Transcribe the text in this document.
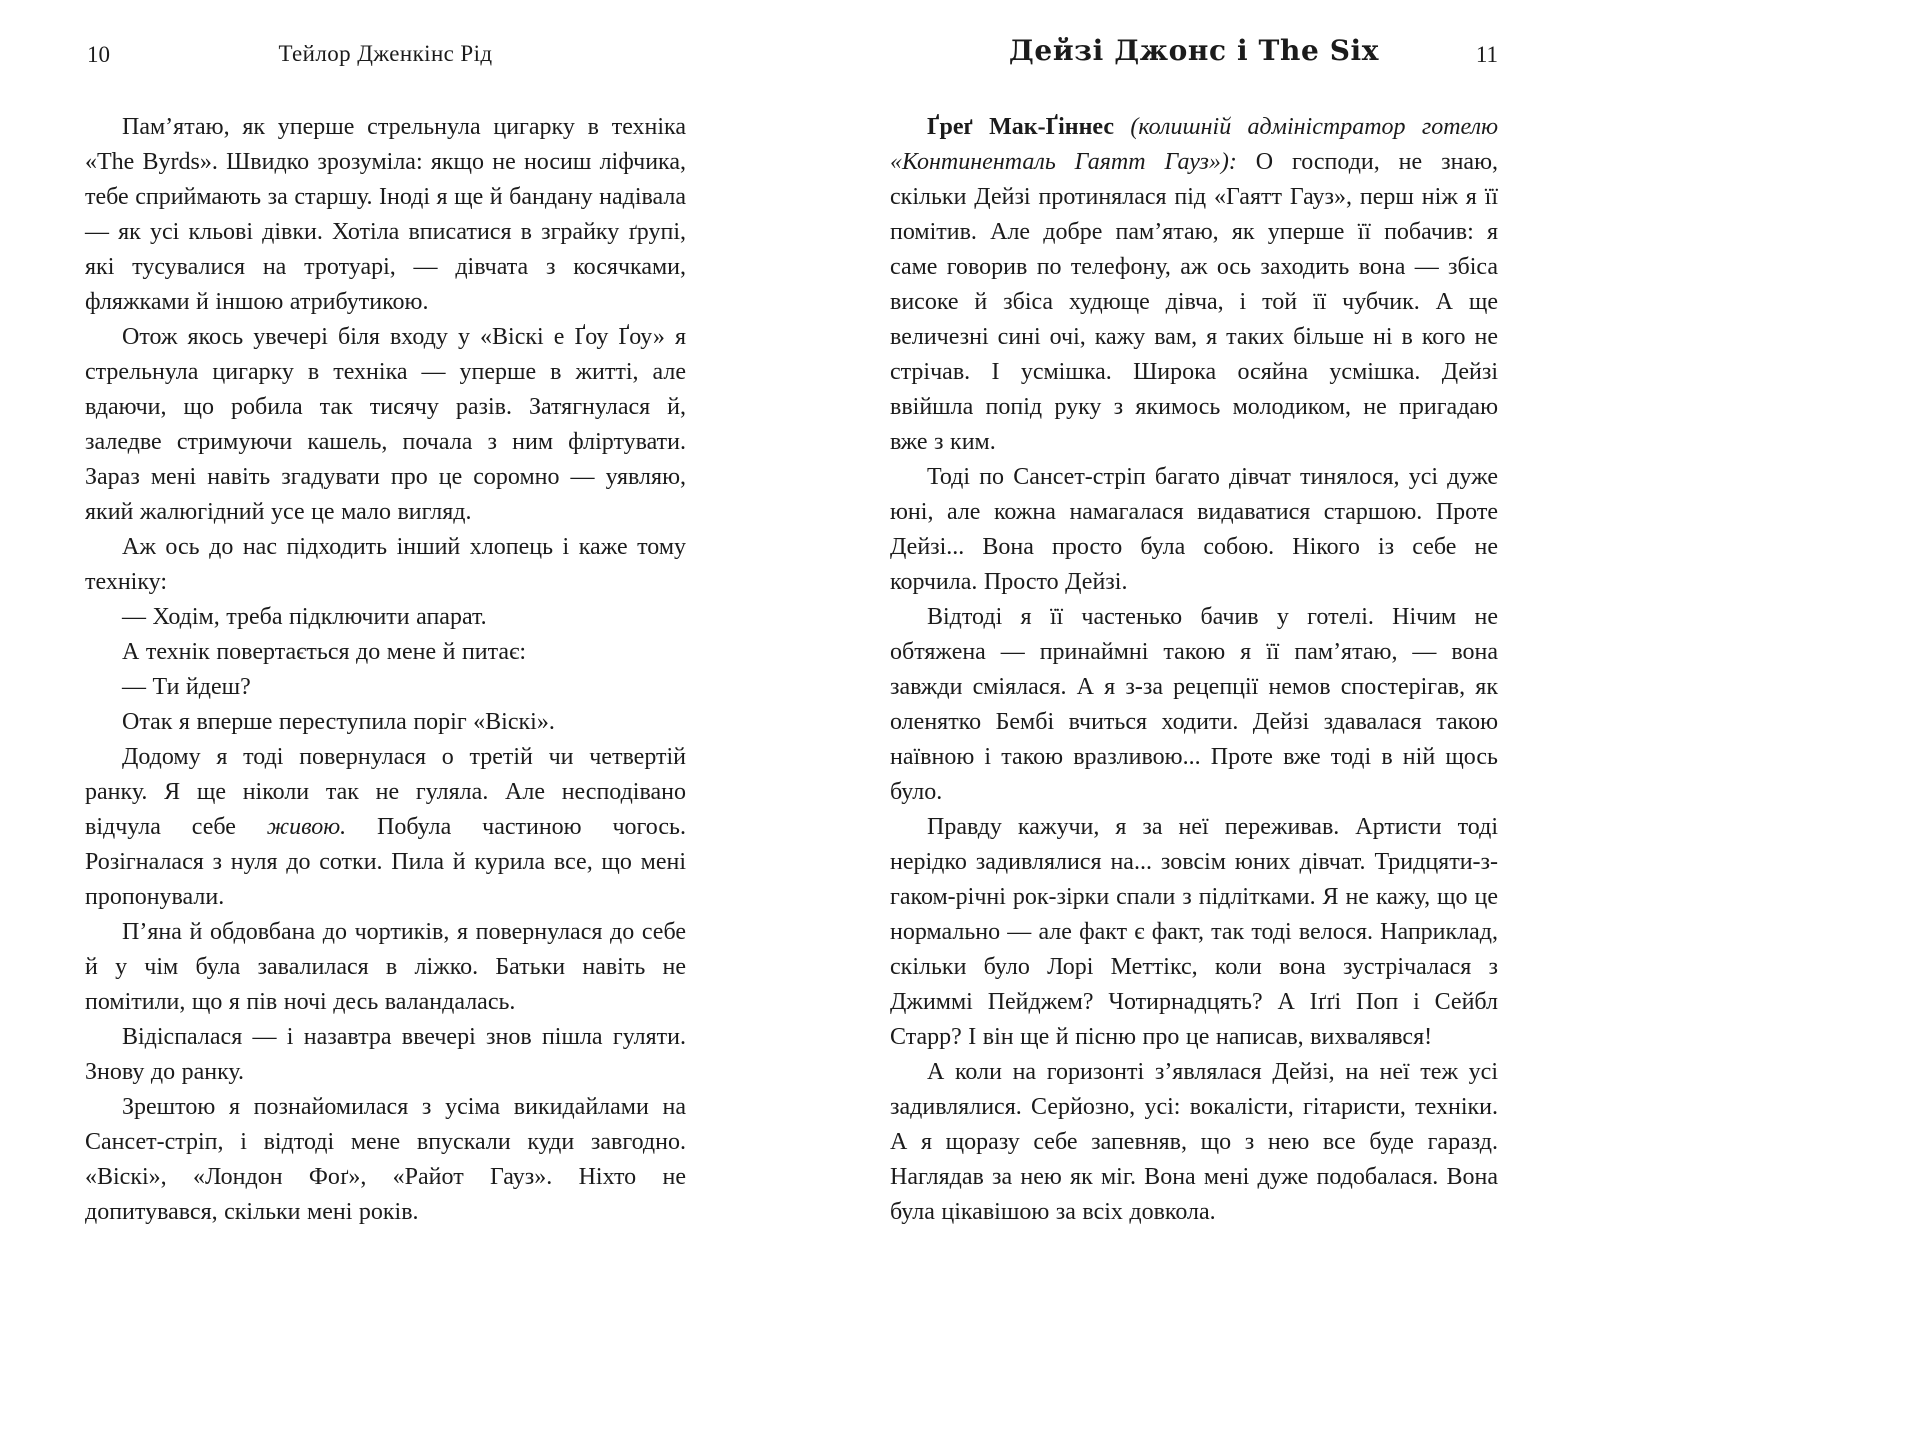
10	Тейлор Дженкінс Рід

Пам’ятаю, як уперше стрельнула цигарку в техніка «The Byrds». Швидко зрозуміла: якщо не носиш ліфчика, тебе сприймають за старшу. Іноді я ще й бандану надівала — як усі кльові дівки. Хотіла вписатися в зграйку ґрупі, які тусувалися на тротуарі, — дівчата з косячками, фляжками й іншою атрибутикою.

Отож якось увечері біля входу у «Віскі е Ґоу Ґоу» я стрельнула цигарку в техніка — уперше в житті, але вдаючи, що робила так тисячу разів. Затягнулася й, заледве стримуючи кашель, почала з ним фліртувати. Зараз мені навіть згадувати про це соромно — уявляю, який жалюгідний усе це мало вигляд.

Аж ось до нас підходить інший хлопець і каже тому техніку:

— Ходім, треба підключити апарат.

А технік повертається до мене й питає:

— Ти йдеш?

Отак я вперше переступила поріг «Віскі».

Додому я тоді повернулася о третій чи четвертій ранку. Я ще ніколи так не гуляла. Але несподівано відчула себе живою. Побула частиною чогось. Розігналася з нуля до сотки. Пила й курила все, що мені пропонували.

П’яна й обдовбана до чортиків, я повернулася до себе й у чім була завалилася в ліжко. Батьки навіть не помітили, що я пів ночі десь валандалась.

Відіспалася — і назавтра ввечері знов пішла гуляти. Знову до ранку.

Зрештою я познайомилася з усіма викидайлами на Сансет-стріп, і відтоді мене впускали куди завгодно. «Віскі», «Лондон Фоґ», «Райот Гауз». Ніхто не допитувався, скільки мені років.

Дейзі Джонс і The Six	11

Ґреґ Мак-Ґіннес (колишній адміністратор готелю «Континенталь Гаятт Гауз»): О господи, не знаю, скільки Дейзі протинялася під «Гаятт Гауз», перш ніж я її помітив. Але добре пам’ятаю, як уперше її побачив: я саме говорив по телефону, аж ось заходить вона — збіса високе й збіса худюще дівча, і той її чубчик. А ще величезні сині очі, кажу вам, я таких більше ні в кого не стрічав. І усмішка. Широка осяйна усмішка. Дейзі ввійшла попід руку з якимось молодиком, не пригадаю вже з ким.

Тоді по Сансет-стріп багато дівчат тинялося, усі дуже юні, але кожна намагалася видаватися старшою. Проте Дейзі... Вона просто була собою. Нікого із себе не корчила. Просто Дейзі.

Відтоді я її частенько бачив у готелі. Нічим не обтяжена — принаймні такою я її пам’ятаю, — вона завжди сміялася. А я з-за рецепції немов спостерігав, як оленятко Бембі вчиться ходити. Дейзі здавалася такою наївною і такою вразливою... Проте вже тоді в ній щось було.

Правду кажучи, я за неї переживав. Артисти тоді нерідко задивлялися на... зовсім юних дівчат. Тридцяти-з-гаком-річні рок-зірки спали з підлітками. Я не кажу, що це нормально — але факт є факт, так тоді велося. Наприклад, скільки було Лорі Меттікс, коли вона зустрічалася з Джиммі Пейджем? Чотирнадцять? А Іґґі Поп і Сейбл Старр? І він ще й пісню про це написав, вихвалявся!

А коли на горизонті з’являлася Дейзі, на неї теж усі задивлялися. Серйозно, усі: вокалісти, гітаристи, техніки. А я щоразу себе запевняв, що з нею все буде гаразд. Наглядав за нею як міг. Вона мені дуже подобалася. Вона була цікавішою за всіх довкола.
